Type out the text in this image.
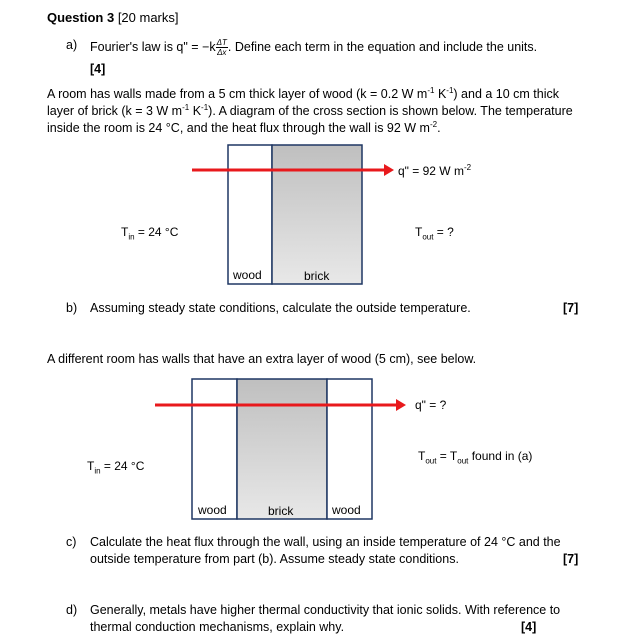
Question 3 [20 marks]
a) Fourier's law is q" = $-k \frac{\Delta T}{\Delta x}$ . Define each term in the equation and include the units.
[4]
A room has walls made from a 5 cm thick layer of wood (k = 0.2 W $m^{-1}$ $K^{-1}$) and a 10 cm thick
layer of brick (k = 3 W $m^{-1}$ $K^{-1}$). A diagram of the cross section is shown below. The temperature
inside the room is 24 °C, and the heat flux through the wall is 92 W $m^{-2}$.
q" = 92 W $m^{-2}$
$T_{in} = 24$ °C	$T_{out}$ = ?
wood	brick
b) Assuming steady state conditions, calculate the outside temperature.	[7]
A different room has walls that have an extra layer of wood (5 cm), see below.
q" = ?
$T_{in} = 24$ °C
$T_{out} = T_{out}$ found in (a)
wood	brick	wood
c) Calculate the heat flux through the wall, using an inside temperature of 24 °C and the
outside temperature from part (b). Assume steady state conditions.	[7]
d) Generally, metals have higher thermal conductivity that ionic solids. With reference to
thermal conduction mechanisms, explain why.	[4]
